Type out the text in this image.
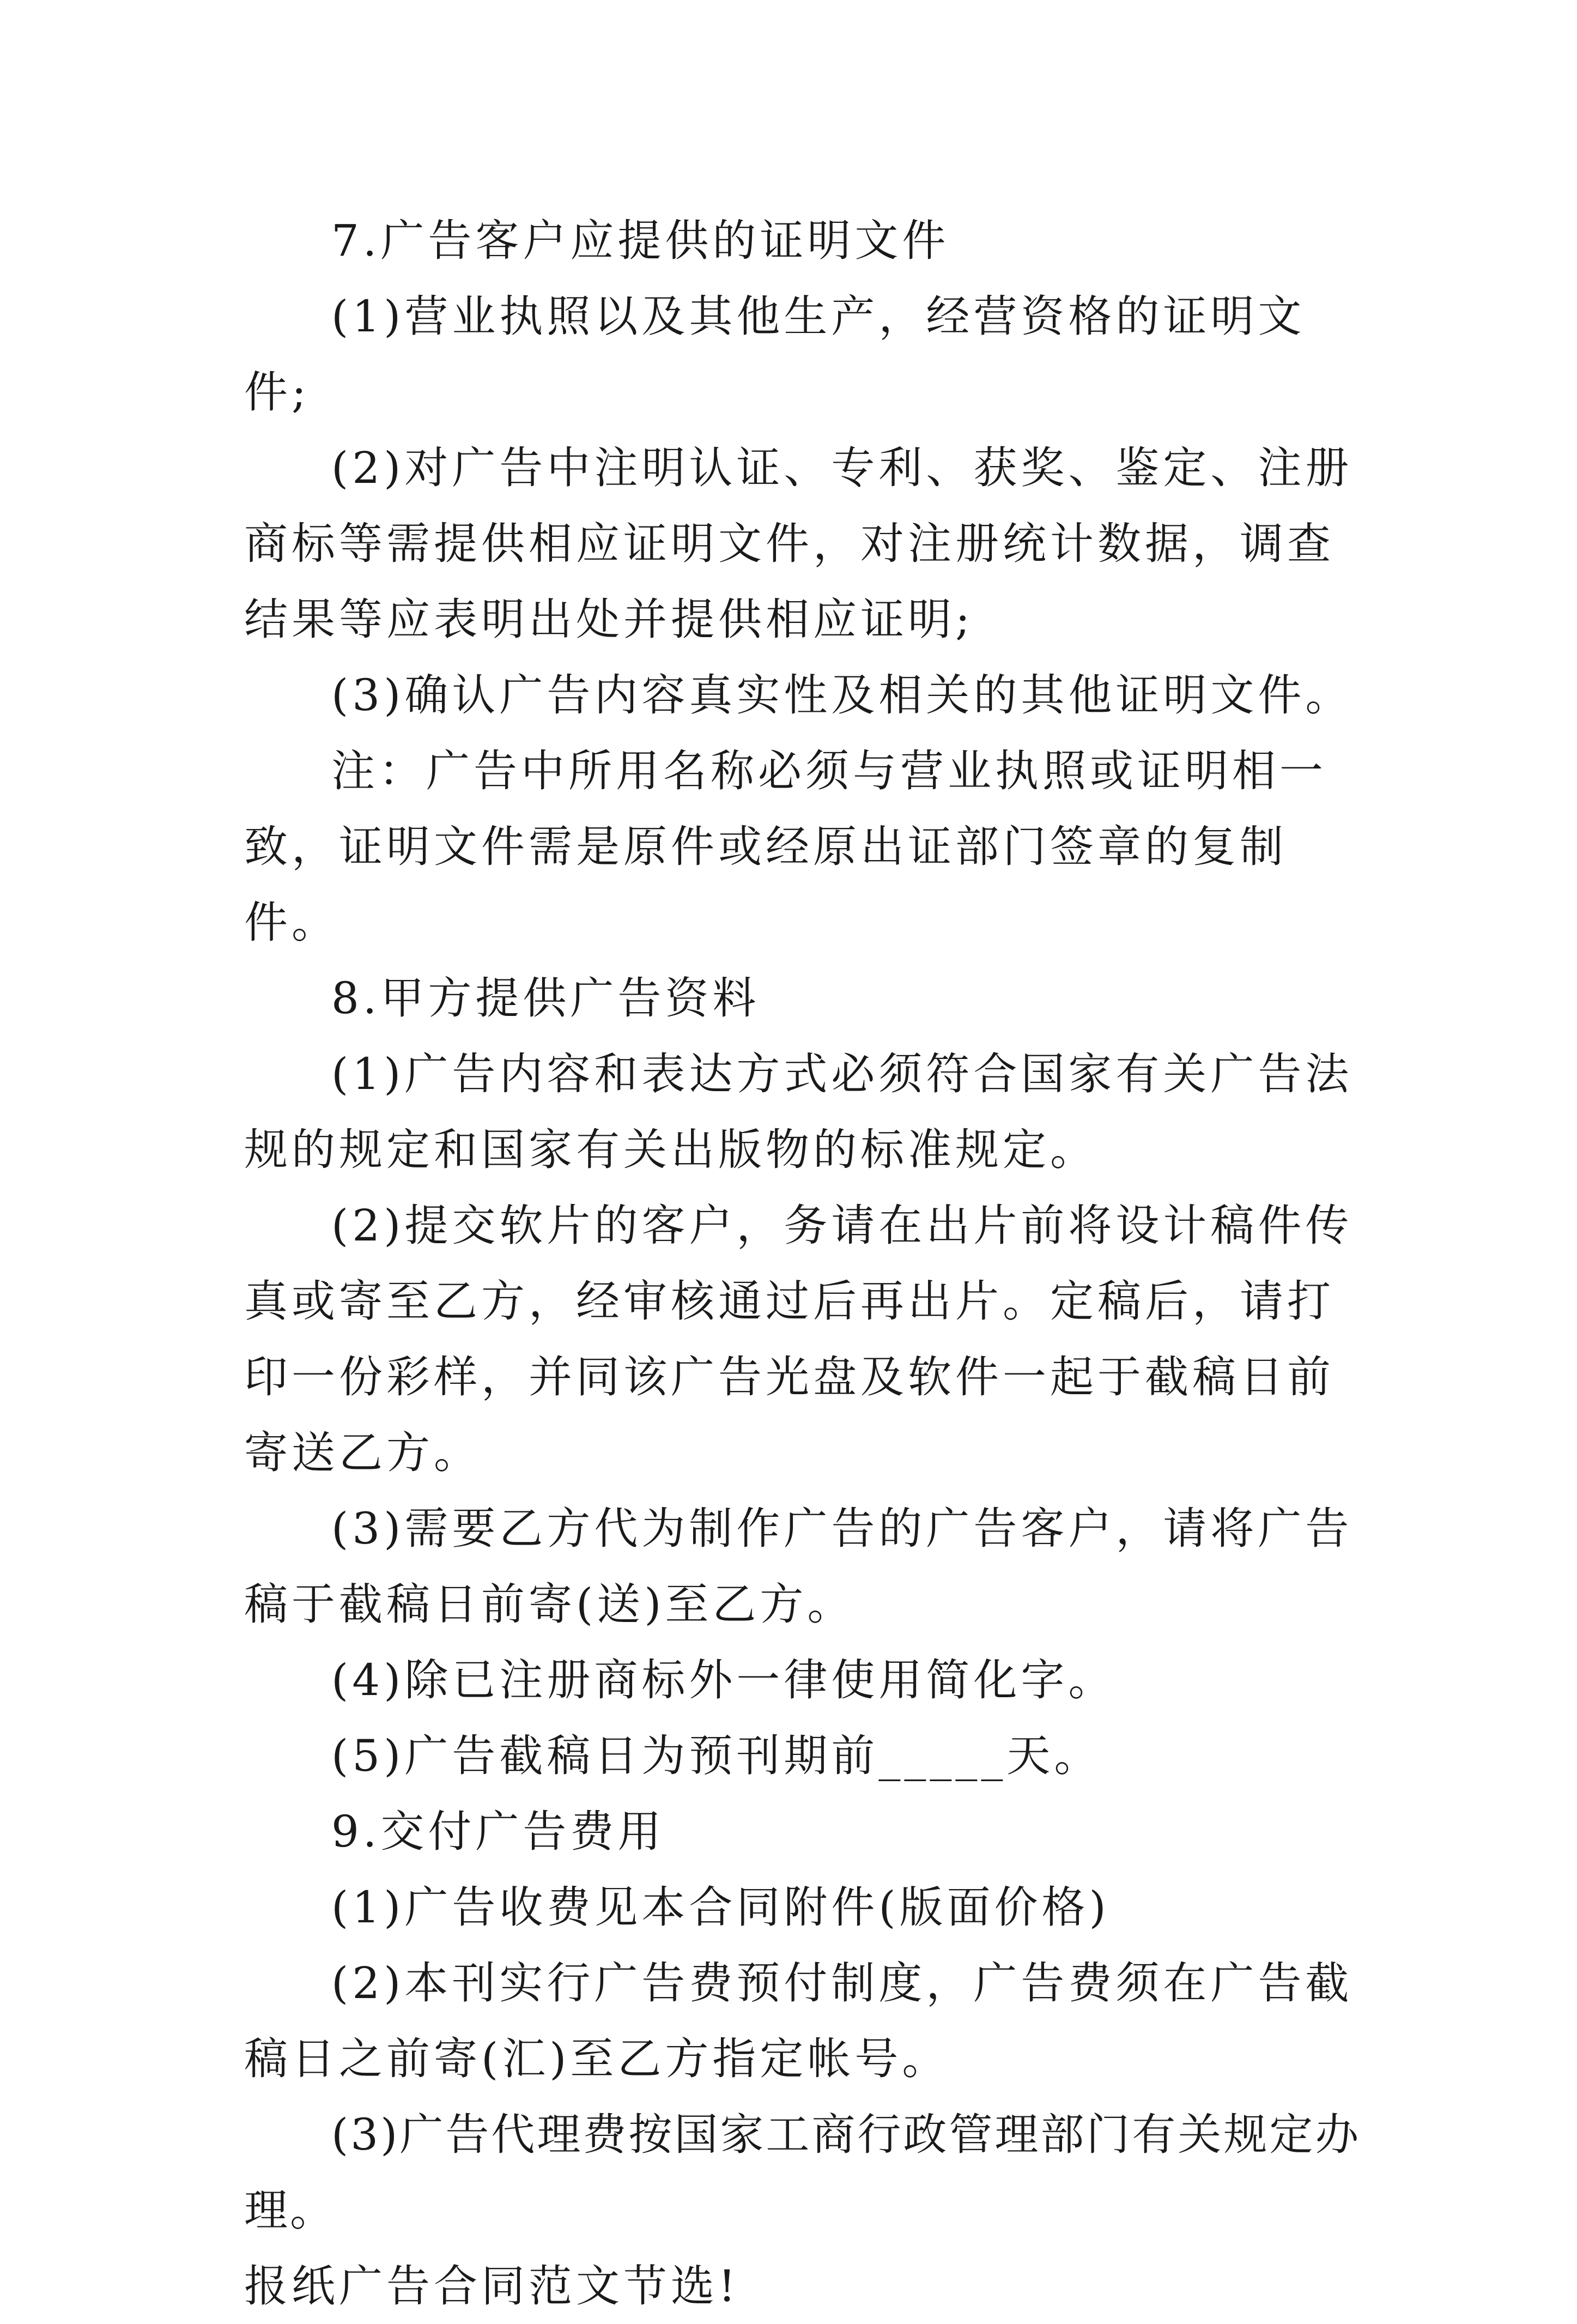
7.广告客户应提供的证明文件

(1)营业执照以及其他生产，经营资格的证明文件;

(2)对广告中注明认证、专利、获奖、鉴定、注册商标等需提供相应证明文件，对注册统计数据，调查结果等应表明出处并提供相应证明;

(3)确认广告内容真实性及相关的其他证明文件。

注：广告中所用名称必须与营业执照或证明相一致，证明文件需是原件或经原出证部门签章的复制件。

8.甲方提供广告资料

(1)广告内容和表达方式必须符合国家有关广告法规的规定和国家有关出版物的标准规定。

(2)提交软片的客户，务请在出片前将设计稿件传真或寄至乙方，经审核通过后再出片。定稿后，请打印一份彩样，并同该广告光盘及软件一起于截稿日前寄送乙方。

(3)需要乙方代为制作广告的广告客户，请将广告稿于截稿日前寄(送)至乙方。

(4)除已注册商标外一律使用简化字。

(5)广告截稿日为预刊期前_____天。

9.交付广告费用

(1)广告收费见本合同附件(版面价格)

(2)本刊实行广告费预付制度，广告费须在广告截稿日之前寄(汇)至乙方指定帐号。

(3)广告代理费按国家工商行政管理部门有关规定办理。

报纸广告合同范文节选!
